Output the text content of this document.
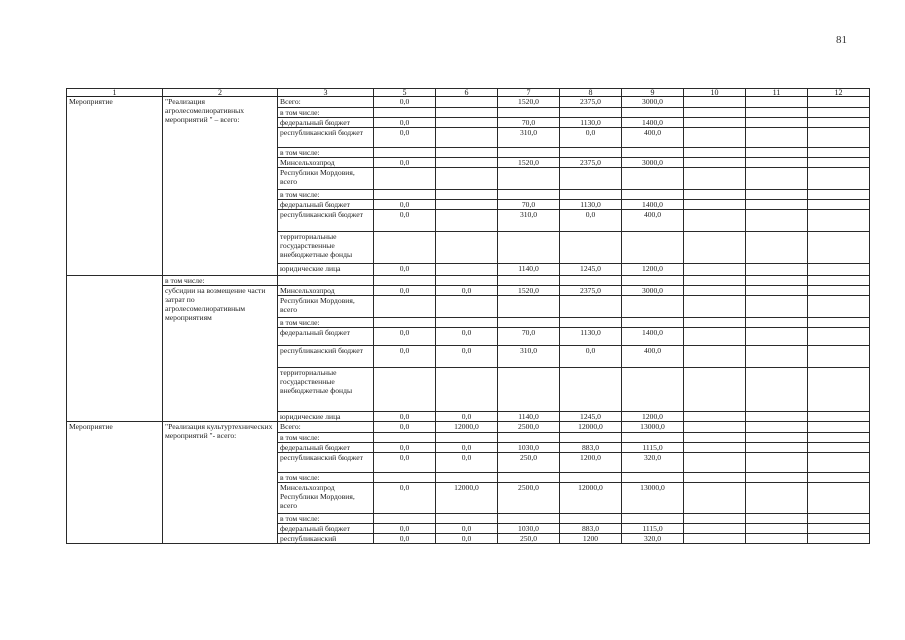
81
1	2	3	5	6	7	8	9	10	11	12
Мероприятие	"Реализация агролесомелиоративных мероприятий " – всего:	Всего:	0,0		1520,0	2375,0	3000,0			
		в том числе:								
		федеральный бюджет	0,0		70,0	1130,0	1400,0			
		республиканский бюджет	0,0		310,0	0,0	400,0			
		в том числе:								
		Минсельхозпрод	0,0		1520,0	2375,0	3000,0			
		Республики Мордовия, всего								
		в том числе:								
		федеральный бюджет	0,0		70,0	1130,0	1400,0			
		республиканский бюджет	0,0		310,0	0,0	400,0			
		территориальные государственные внебюджетные фонды								
		юридические лица	0,0		1140,0	1245,0	1200,0			
	в том числе:									
	субсидии на возмещение части затрат по агролесомелиоративным мероприятиям	Минсельхозпрод	0,0	0,0	1520,0	2375,0	3000,0			
		Республики Мордовия, всего								
		в том числе:								
		федеральный бюджет	0,0	0,0	70,0	1130,0	1400,0			
		республиканский бюджет	0,0	0,0	310,0	0,0	400,0			
		территориальные государственные внебюджетные фонды								
		юридические лица	0,0	0,0	1140,0	1245,0	1200,0			
Мероприятие	"Реализация культуртехнических мероприятий "- всего:	Всего:	0,0	12000,0	2500,0	12000,0	13000,0			
		в том числе:								
		федеральный бюджет	0,0	0,0	1030,0	883,0	1115,0			
		республиканский бюджет	0,0	0,0	250,0	1200,0	320,0			
		в том числе:								
		Минсельхозпрод Республики Мордовия, всего	0,0	12000,0	2500,0	12000,0	13000,0			
		в том числе:								
		федеральный бюджет	0,0	0,0	1030,0	883,0	1115,0			
		республиканский	0,0	0,0	250,0	1200	320,0			
